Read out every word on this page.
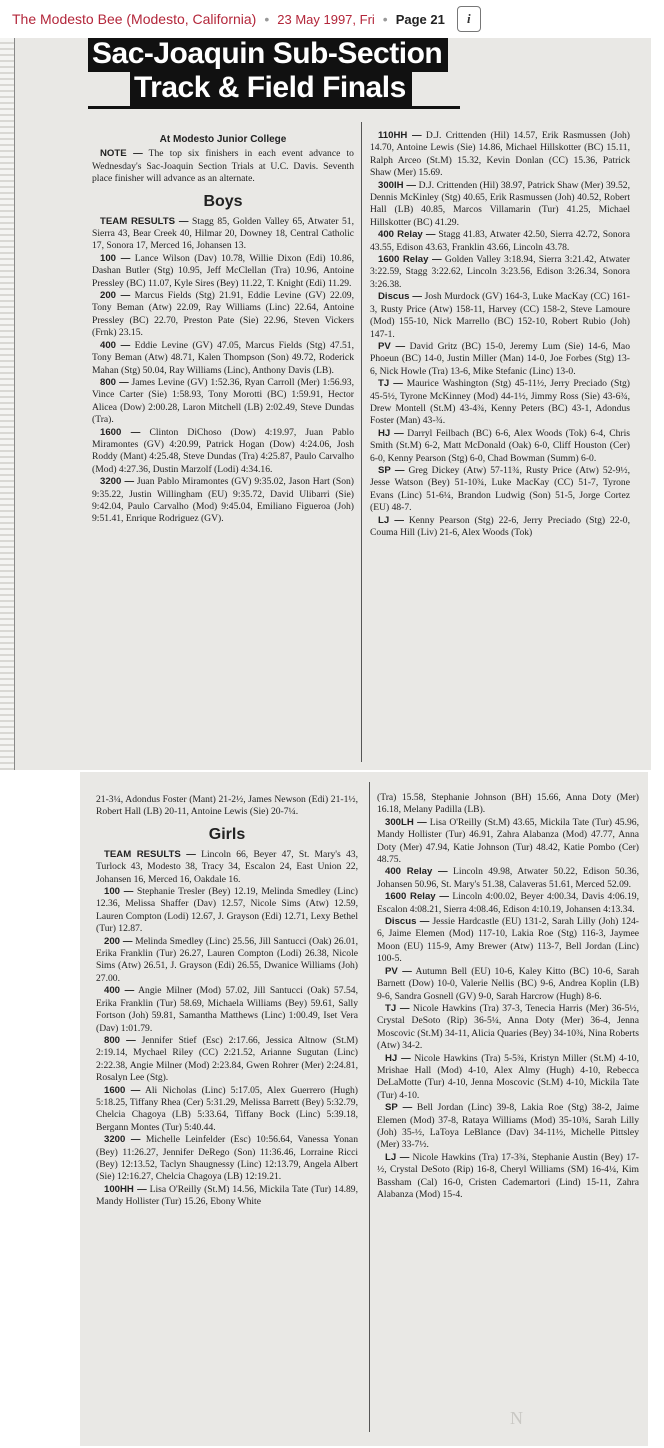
The Modesto Bee (Modesto, California) • 23 May 1997, Fri • Page 21	i
Sac-Joaquin Sub-Section
Track & Field Finals

At Modesto Junior College

NOTE — The top six finishers in each event advance to Wednesday's Sac-Joaquin Section Trials at U.C. Davis. Seventh place finisher will advance as an alternate.

Boys

TEAM RESULTS — Stagg 85, Golden Valley 65, Atwater 51, Sierra 43, Bear Creek 40, Hilmar 20, Downey 18, Central Catholic 17, Sonora 17, Merced 16, Johansen 13.

100 — Lance Wilson (Dav) 10.78, Willie Dixon (Edi) 10.86, Dashan Butler (Stg) 10.95, Jeff McClellan (Tra) 10.96, Antoine Pressley (BC) 11.07, Kyle Sires (Bey) 11.22, T. Knight (Edi) 11.29.

200 — Marcus Fields (Stg) 21.91, Eddie Levine (GV) 22.09, Tony Beman (Atw) 22.09, Ray Williams (Linc) 22.64, Antoine Pressley (BC) 22.70, Preston Pate (Sie) 22.96, Steven Vickers (Frnk) 23.15.

400 — Eddie Levine (GV) 47.05, Marcus Fields (Stg) 47.51, Tony Beman (Atw) 48.71, Kalen Thompson (Son) 49.72, Roderick Mahan (Stg) 50.04, Ray Williams (Linc), Anthony Davis (LB).

800 — James Levine (GV) 1:52.36, Ryan Carroll (Mer) 1:56.93, Vince Carter (Sie) 1:58.93, Tony Morotti (BC) 1:59.91, Hector Alicea (Dow) 2:00.28, Laron Mitchell (LB) 2:02.49, Steve Dundas (Tra).

1600 — Clinton DiChoso (Dow) 4:19.97, Juan Pablo Miramontes (GV) 4:20.99, Patrick Hogan (Dow) 4:24.06, Josh Roddy (Mant) 4:25.48, Steve Dundas (Tra) 4:25.87, Paulo Carvalho (Mod) 4:27.36, Dustin Marzolf (Lodi) 4:34.16.

3200 — Juan Pablo Miramontes (GV) 9:35.02, Jason Hart (Son) 9:35.22, Justin Willingham (EU) 9:35.72, David Ulibarri (Sie) 9:42.04, Paulo Carvalho (Mod) 9:45.04, Emiliano Figueroa (Joh) 9:51.41, Enrique Rodriguez (GV).

110HH — D.J. Crittenden (Hil) 14.57, Erik Rasmussen (Joh) 14.70, Antoine Lewis (Sie) 14.86, Michael Hillskotter (BC) 15.11, Ralph Arceo (St.M) 15.32, Kevin Donlan (CC) 15.36, Patrick Shaw (Mer) 15.69.

300IH — D.J. Crittenden (Hil) 38.97, Patrick Shaw (Mer) 39.52, Dennis McKinley (Stg) 40.65, Erik Rasmussen (Joh) 40.52, Robert Hall (LB) 40.85, Marcos Villamarin (Tur) 41.25, Michael Hillskotter (BC) 41.29.

400 Relay — Stagg 41.83, Atwater 42.50, Sierra 42.72, Sonora 43.55, Edison 43.63, Franklin 43.66, Lincoln 43.78.

1600 Relay — Golden Valley 3:18.94, Sierra 3:21.42, Atwater 3:22.59, Stagg 3:22.62, Lincoln 3:23.56, Edison 3:26.34, Sonora 3:26.38.

Discus — Josh Murdock (GV) 164-3, Luke MacKay (CC) 161-3, Rusty Price (Atw) 158-11, Harvey (CC) 158-2, Steve Lamoure (Mod) 155-10, Nick Marrello (BC) 152-10, Robert Rubio (Joh) 147-1.

PV — David Gritz (BC) 15-0, Jeremy Lum (Sie) 14-6, Mao Phoeun (BC) 14-0, Justin Miller (Man) 14-0, Joe Forbes (Stg) 13-6, Nick Howle (Tra) 13-6, Mike Stefanic (Linc) 13-0.

TJ — Maurice Washington (Stg) 45-11½, Jerry Preciado (Stg) 45-5½, Tyrone McKinney (Mod) 44-1½, Jimmy Ross (Sie) 43-6¾, Drew Montell (St.M) 43-4¾, Kenny Peters (BC) 43-1, Adondus Foster (Man) 43-¾.

HJ — Darryl Feilbach (BC) 6-6, Alex Woods (Tok) 6-4, Chris Smith (St.M) 6-2, Matt McDonald (Oak) 6-0, Cliff Houston (Cer) 6-0, Kenny Pearson (Stg) 6-0, Chad Bowman (Summ) 6-0.

SP — Greg Dickey (Atw) 57-11¾, Rusty Price (Atw) 52-9½, Jesse Watson (Bey) 51-10¾, Luke MacKay (CC) 51-7, Tyrone Evans (Linc) 51-6¼, Brandon Ludwig (Son) 51-5, Jorge Cortez (EU) 48-7.

LJ — Kenny Pearson (Stg) 22-6, Jerry Preciado (Stg) 22-0, Couma Hill (Liv) 21-6, Alex Woods (Tok)

21-3¼, Adondus Foster (Mant) 21-2½, James Newson (Edi) 21-1½, Robert Hall (LB) 20-11, Antoine Lewis (Sie) 20-7¼.

Girls

TEAM RESULTS — Lincoln 66, Beyer 47, St. Mary's 43, Turlock 43, Modesto 38, Tracy 34, Escalon 24, East Union 22, Johansen 16, Merced 16, Oakdale 16.

100 — Stephanie Tresler (Bey) 12.19, Melinda Smedley (Linc) 12.36, Melissa Shaffer (Dav) 12.57, Nicole Sims (Atw) 12.59, Lauren Compton (Lodi) 12.67, J. Grayson (Edi) 12.71, Lexy Bethel (Tur) 12.87.

200 — Melinda Smedley (Linc) 25.56, Jill Santucci (Oak) 26.01, Erika Franklin (Tur) 26.27, Lauren Compton (Lodi) 26.38, Nicole Sims (Atw) 26.51, J. Grayson (Edi) 26.55, Dwanice Williams (Joh) 27.00.

400 — Angie Milner (Mod) 57.02, Jill Santucci (Oak) 57.54, Erika Franklin (Tur) 58.69, Michaela Williams (Bey) 59.61, Sally Fortson (Joh) 59.81, Samantha Matthews (Linc) 1:00.49, Iset Vera (Dav) 1:01.79.

800 — Jennifer Stief (Esc) 2:17.66, Jessica Altnow (St.M) 2:19.14, Mychael Riley (CC) 2:21.52, Arianne Sugutan (Linc) 2:22.38, Angie Milner (Mod) 2:23.84, Gwen Rohrer (Mer) 2:24.81, Rosalyn Lee (Stg).

1600 — Ali Nicholas (Linc) 5:17.05, Alex Guerrero (Hugh) 5:18.25, Tiffany Rhea (Cer) 5:31.29, Melissa Barrett (Bey) 5:32.79, Chelcia Chagoya (LB) 5:33.64, Tiffany Bock (Linc) 5:39.18, Bergann Montes (Tur) 5:40.44.

3200 — Michelle Leinfelder (Esc) 10:56.64, Vanessa Yonan (Bey) 11:26.27, Jennifer DeRego (Son) 11:36.46, Lorraine Ricci (Bey) 12:13.52, Taclyn Shaugnessy (Linc) 12:13.79, Angela Albert (Sie) 12:16.27, Chelcia Chagoya (LB) 12:19.21.

100HH — Lisa O'Reilly (St.M) 14.56, Mickila Tate (Tur) 14.89, Mandy Hollister (Tur) 15.26, Ebony White

(Tra) 15.58, Stephanie Johnson (BH) 15.66, Anna Doty (Mer) 16.18, Melany Padilla (LB).

300LH — Lisa O'Reilly (St.M) 43.65, Mickila Tate (Tur) 45.96, Mandy Hollister (Tur) 46.91, Zahra Alabanza (Mod) 47.77, Anna Doty (Mer) 47.94, Katie Johnson (Tur) 48.42, Katie Pombo (Cer) 48.75.

400 Relay — Lincoln 49.98, Atwater 50.22, Edison 50.36, Johansen 50.96, St. Mary's 51.38, Calaveras 51.61, Merced 52.09.

1600 Relay — Lincoln 4:00.02, Beyer 4:00.34, Davis 4:06.19, Escalon 4:08.21, Sierra 4:08.46, Edison 4:10.19, Johansen 4:13.34.

Discus — Jessie Hardcastle (EU) 131-2, Sarah Lilly (Joh) 124-6, Jaime Elemen (Mod) 117-10, Lakia Roe (Stg) 116-3, Jaymee Moon (EU) 115-9, Amy Brewer (Atw) 113-7, Bell Jordan (Linc) 100-5.

PV — Autumn Bell (EU) 10-6, Kaley Kitto (BC) 10-6, Sarah Barnett (Dow) 10-0, Valerie Nellis (BC) 9-6, Andrea Koplin (LB) 9-6, Sandra Gosnell (GV) 9-0, Sarah Harcrow (Hugh) 8-6.

TJ — Nicole Hawkins (Tra) 37-3, Tenecia Harris (Mer) 36-5½, Crystal DeSoto (Rip) 36-5¼, Anna Doty (Mer) 36-4, Jenna Moscovic (St.M) 34-11, Alicia Quaries (Bey) 34-10¾, Nina Roberts (Atw) 34-2.

HJ — Nicole Hawkins (Tra) 5-5¾, Kristyn Miller (St.M) 4-10, Mrishae Hall (Mod) 4-10, Alex Almy (Hugh) 4-10, Rebecca DeLaMotte (Tur) 4-10, Jenna Moscovic (St.M) 4-10, Mickila Tate (Tur) 4-10.

SP — Bell Jordan (Linc) 39-8, Lakia Roe (Stg) 38-2, Jaime Elemen (Mod) 37-8, Rataya Williams (Mod) 35-10¾, Sarah Lilly (Joh) 35-½, LaToya LeBlance (Dav) 34-11½, Michelle Pittsley (Mer) 33-7½.

LJ — Nicole Hawkins (Tra) 17-3¾, Stephanie Austin (Bey) 17-½, Crystal DeSoto (Rip) 16-8, Cheryl Williams (SM) 16-4¼, Kim Bassham (Cal) 16-0, Cristen Cademartori (Lind) 15-11, Zahra Alabanza (Mod) 15-4.

N
